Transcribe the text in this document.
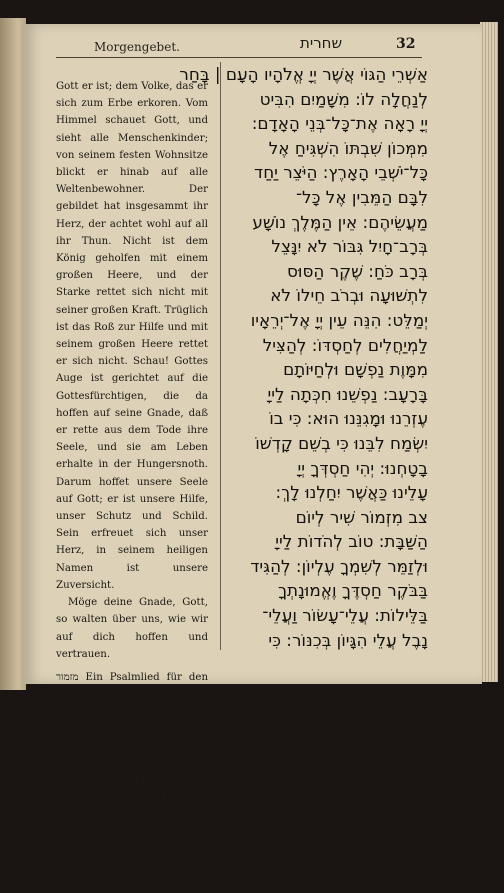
Morgengebet.	שחרית	32

Gott er ist; dem Volke, das er sich zum Erbe erkoren. Vom Himmel schauet Gott, und sieht alle Menschenkinder; von seinem festen Wohnsitze blickt er hinab auf alle Weltenbewohner. Der gebildet hat insgesammt ihr Herz, der achtet wohl auf all ihr Thun. Nicht ist dem König geholfen mit einem großen Heere, und der Starke rettet sich nicht mit seiner großen Kraft. Trüglich ist das Roß zur Hilfe und mit seinem großen Heere rettet er sich nicht. Schau! Gottes Auge ist gerichtet auf die Gottesfürchtigen, die da hoffen auf seine Gnade, daß er rette aus dem Tode ihre Seele, und sie am Leben erhalte in der Hungersnoth. Darum hoffet unsere Seele auf Gott; er ist unsere Hilfe, unser Schutz und Schild. Sein erfreuet sich unser Herz, in seinem heiligen Namen ist unsere Zuversicht.

Möge deine Gnade, Gott, so walten über uns, wie wir auf dich hoffen und vertrauen.

מזמור Ein Psalmlied für den Sabbath-Tag. Gut ist es danken dem Herrn, deinen Namen mit Sang und Saitenspiel zu rühmen, allerhöchster Gott! zu verkünden am Morgen deine Gnade und deine Treue in den Nächten — beim zehnsaitigen Psalter, beim Harfenklang und Lautenspiel. Denn du haft mich

אַשְׁרֵי הַגּוֹי אֲשֶׁר יְיָ אֱלֹהָיו הָעָם | בָּחַר
לְנַחֲלָה לוֹ: מִשָּׁמַיִם הִבִּיט
יְיָ רָאָה אֶת־כָּל־בְּנֵי הָאָדָם:
מִמְּכוֹן שִׁבְתּוֹ הִשְׁגִּיחַ אֶל
כָּל־יֹשְׁבֵי הָאָרֶץ: הַיֹּצֵר יַחַד
לִבָּם הַמֵּבִין אֶל כָּל־
מַעֲשֵׂיהֶם: אֵין הַמֶּלֶךְ נוֹשָׁע
בְּרָב־חָיִל גִּבּוֹר לֹא יִנָּצֵל
בְּרָב כֹּחַ: שֶׁקֶר הַסּוּס
לִתְשׁוּעָה וּבְרֹב חֵילוֹ לֹא
יְמַלֵּט: הִנֵּה עֵין יְיָ אֶל־יְרֵאָיו
לַמְיַחֲלִים לְחַסְדּוֹ: לְהַצִּיל
מִמָּוֶת נַפְשָׁם וּלְחַיּוֹתָם
בָּרָעָב: נַפְשֵׁנוּ חִכְּתָה לַייָ
עֶזְרֵנוּ וּמָגִנֵּנוּ הוּא: כִּי בוֹ
יִשְׂמַח לִבֵּנוּ כִּי בְשֵׁם קָדְשׁוֹ
בָטָחְנוּ: יְהִי חַסְדְּךָ יְיָ
עָלֵינוּ כַּאֲשֶׁר יִחַלְנוּ לָךְ:
צב מִזְמוֹר שִׁיר לְיוֹם
הַשַּׁבָּת: טוֹב לְהֹדוֹת לַייָ
וּלְזַמֵּר לְשִׁמְךָ עֶלְיוֹן: לְהַגִּיד
בַּבֹּקֶר חַסְדֶּךָ וֶאֱמוּנָתְךָ
בַּלֵּילוֹת: עֲלֵי־עָשׂוֹר וַעֲלֵי־
נָבֶל עֲלֵי הִגָּיוֹן בְּכִנּוֹר: כִּי
